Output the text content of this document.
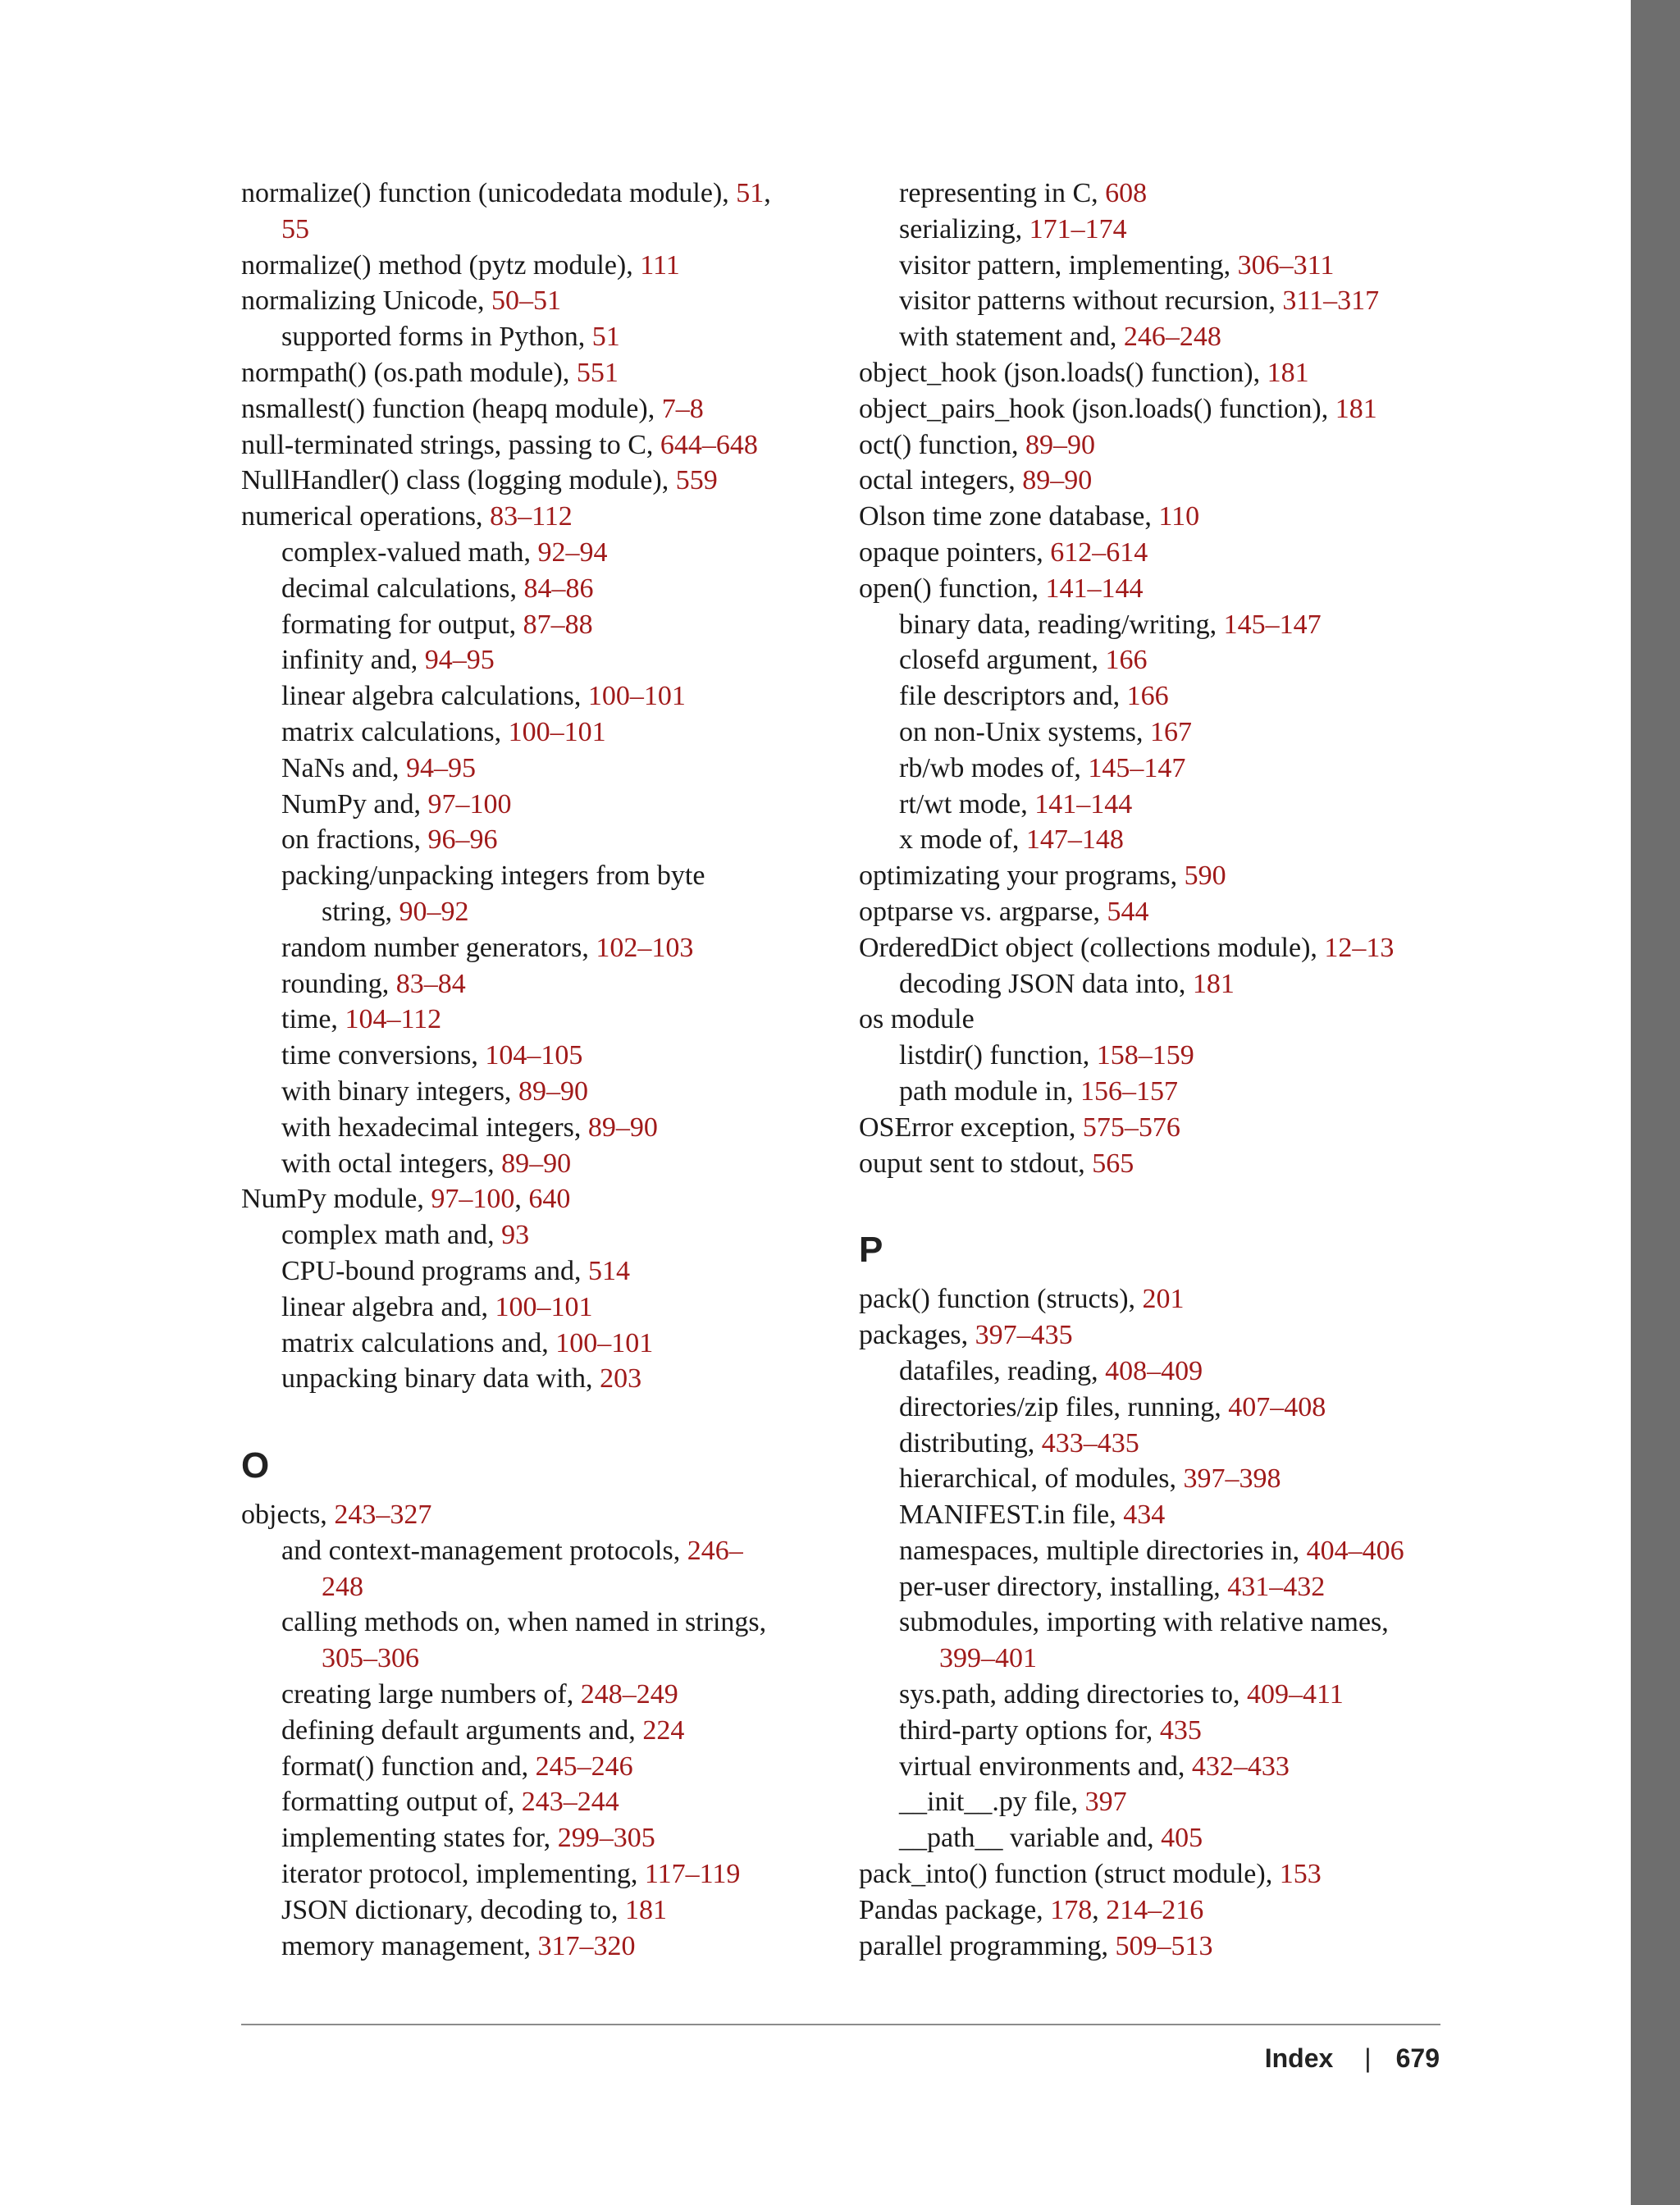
normalize() function (unicodedata module), 51,
55
normalize() method (pytz module), 111
normalizing Unicode, 50–51
supported forms in Python, 51
normpath() (os.path module), 551
nsmallest() function (heapq module), 7–8
null-terminated strings, passing to C, 644–648
NullHandler() class (logging module), 559
numerical operations, 83–112
complex-valued math, 92–94
decimal calculations, 84–86
formating for output, 87–88
infinity and, 94–95
linear algebra calculations, 100–101
matrix calculations, 100–101
NaNs and, 94–95
NumPy and, 97–100
on fractions, 96–96
packing/unpacking integers from byte
string, 90–92
random number generators, 102–103
rounding, 83–84
time, 104–112
time conversions, 104–105
with binary integers, 89–90
with hexadecimal integers, 89–90
with octal integers, 89–90
NumPy module, 97–100, 640
complex math and, 93
CPU-bound programs and, 514
linear algebra and, 100–101
matrix calculations and, 100–101
unpacking binary data with, 203
O
objects, 243–327
and context-management protocols, 246–
248
calling methods on, when named in strings,
305–306
creating large numbers of, 248–249
defining default arguments and, 224
format() function and, 245–246
formatting output of, 243–244
implementing states for, 299–305
iterator protocol, implementing, 117–119
JSON dictionary, decoding to, 181
memory management, 317–320
representing in C, 608
serializing, 171–174
visitor pattern, implementing, 306–311
visitor patterns without recursion, 311–317
with statement and, 246–248
object_hook (json.loads() function), 181
object_pairs_hook (json.loads() function), 181
oct() function, 89–90
octal integers, 89–90
Olson time zone database, 110
opaque pointers, 612–614
open() function, 141–144
binary data, reading/writing, 145–147
closefd argument, 166
file descriptors and, 166
on non-Unix systems, 167
rb/wb modes of, 145–147
rt/wt mode, 141–144
x mode of, 147–148
optimizating your programs, 590
optparse vs. argparse, 544
OrderedDict object (collections module), 12–13
decoding JSON data into, 181
os module
listdir() function, 158–159
path module in, 156–157
OSError exception, 575–576
ouput sent to stdout, 565
P
pack() function (structs), 201
packages, 397–435
datafiles, reading, 408–409
directories/zip files, running, 407–408
distributing, 433–435
hierarchical, of modules, 397–398
MANIFEST.in file, 434
namespaces, multiple directories in, 404–406
per-user directory, installing, 431–432
submodules, importing with relative names,
399–401
sys.path, adding directories to, 409–411
third-party options for, 435
virtual environments and, 432–433
__init__.py file, 397
__path__ variable and, 405
pack_into() function (struct module), 153
Pandas package, 178, 214–216
parallel programming, 509–513
Index | 679
